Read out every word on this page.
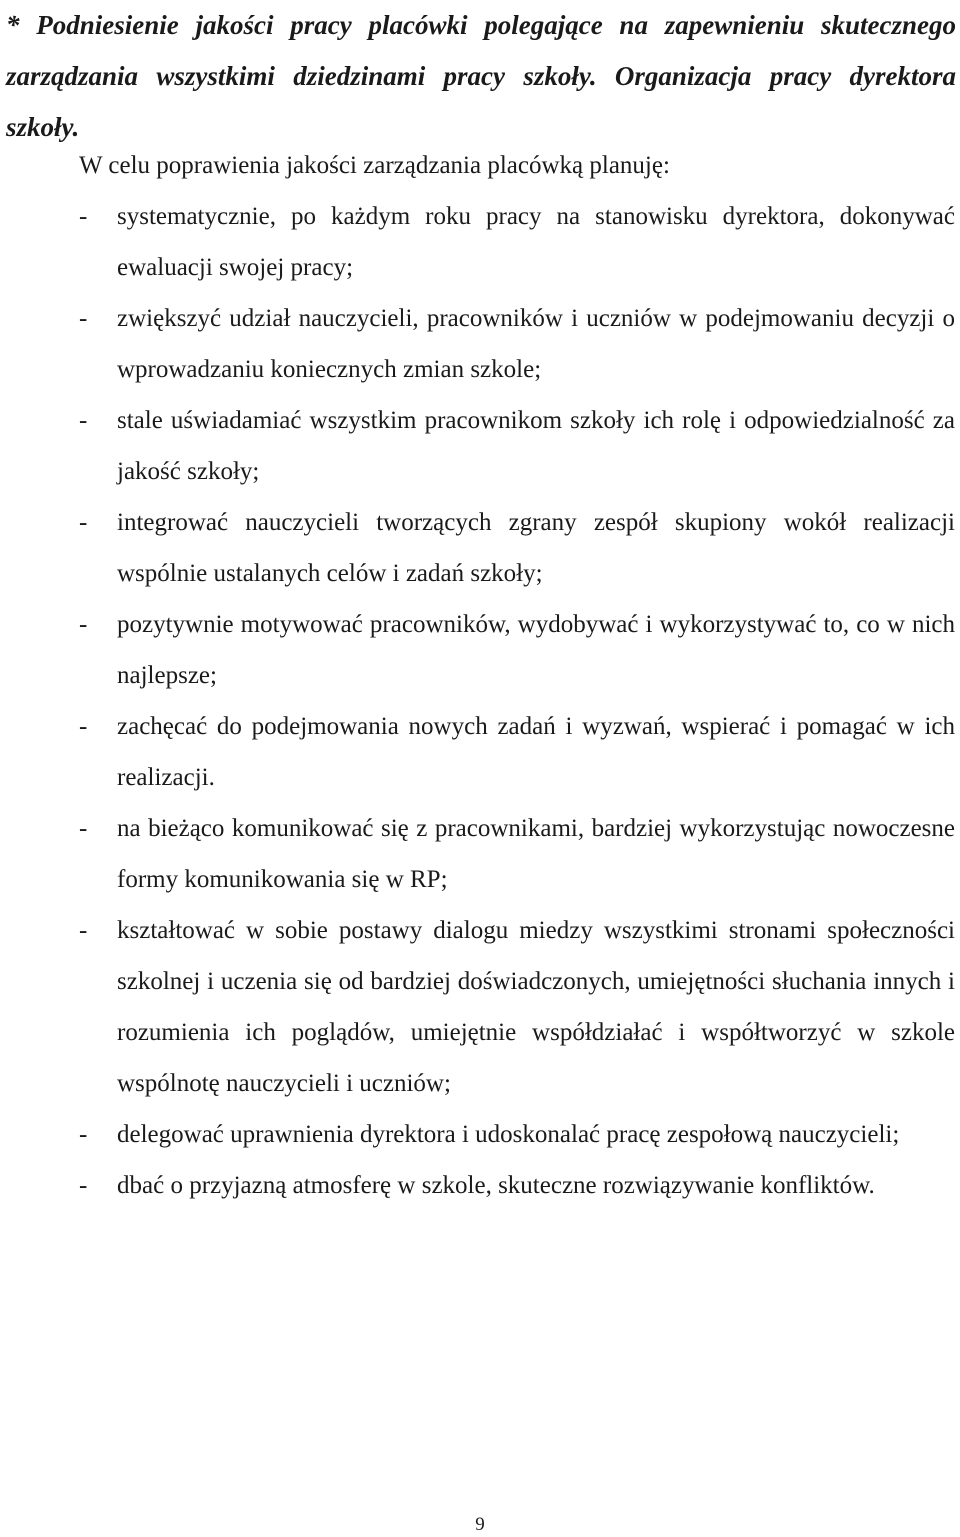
* Podniesienie jakości pracy placówki polegające na zapewnieniu skutecznego
zarządzania wszystkimi dziedzinami pracy szkoły. Organizacja pracy dyrektora
szkoły.

W celu poprawienia jakości zarządzania placówką planuję:

- systematycznie, po każdym roku pracy na stanowisku dyrektora, dokonywać ewaluacji swojej pracy;
- zwiększyć udział nauczycieli, pracowników i uczniów w podejmowaniu decyzji o wprowadzaniu koniecznych zmian szkole;
- stale uświadamiać wszystkim pracownikom szkoły ich rolę i odpowiedzialność za jakość szkoły;
- integrować nauczycieli tworzących zgrany zespół skupiony wokół realizacji wspólnie ustalanych celów i zadań szkoły;
- pozytywnie motywować pracowników, wydobywać i wykorzystywać to, co w nich najlepsze;
- zachęcać do podejmowania nowych zadań i wyzwań, wspierać i pomagać w ich realizacji.
- na bieżąco komunikować się z pracownikami, bardziej wykorzystując nowoczesne formy komunikowania się w RP;
- kształtować w sobie postawy dialogu miedzy wszystkimi stronami społeczności szkolnej i uczenia się od bardziej doświadczonych, umiejętności słuchania innych i rozumienia ich poglądów, umiejętnie współdziałać i współtworzyć w szkole wspólnotę nauczycieli i uczniów;
- delegować uprawnienia dyrektora i udoskonalać pracę zespołową nauczycieli;
- dbać o przyjazną atmosferę w szkole, skuteczne rozwiązywanie konfliktów.

9
